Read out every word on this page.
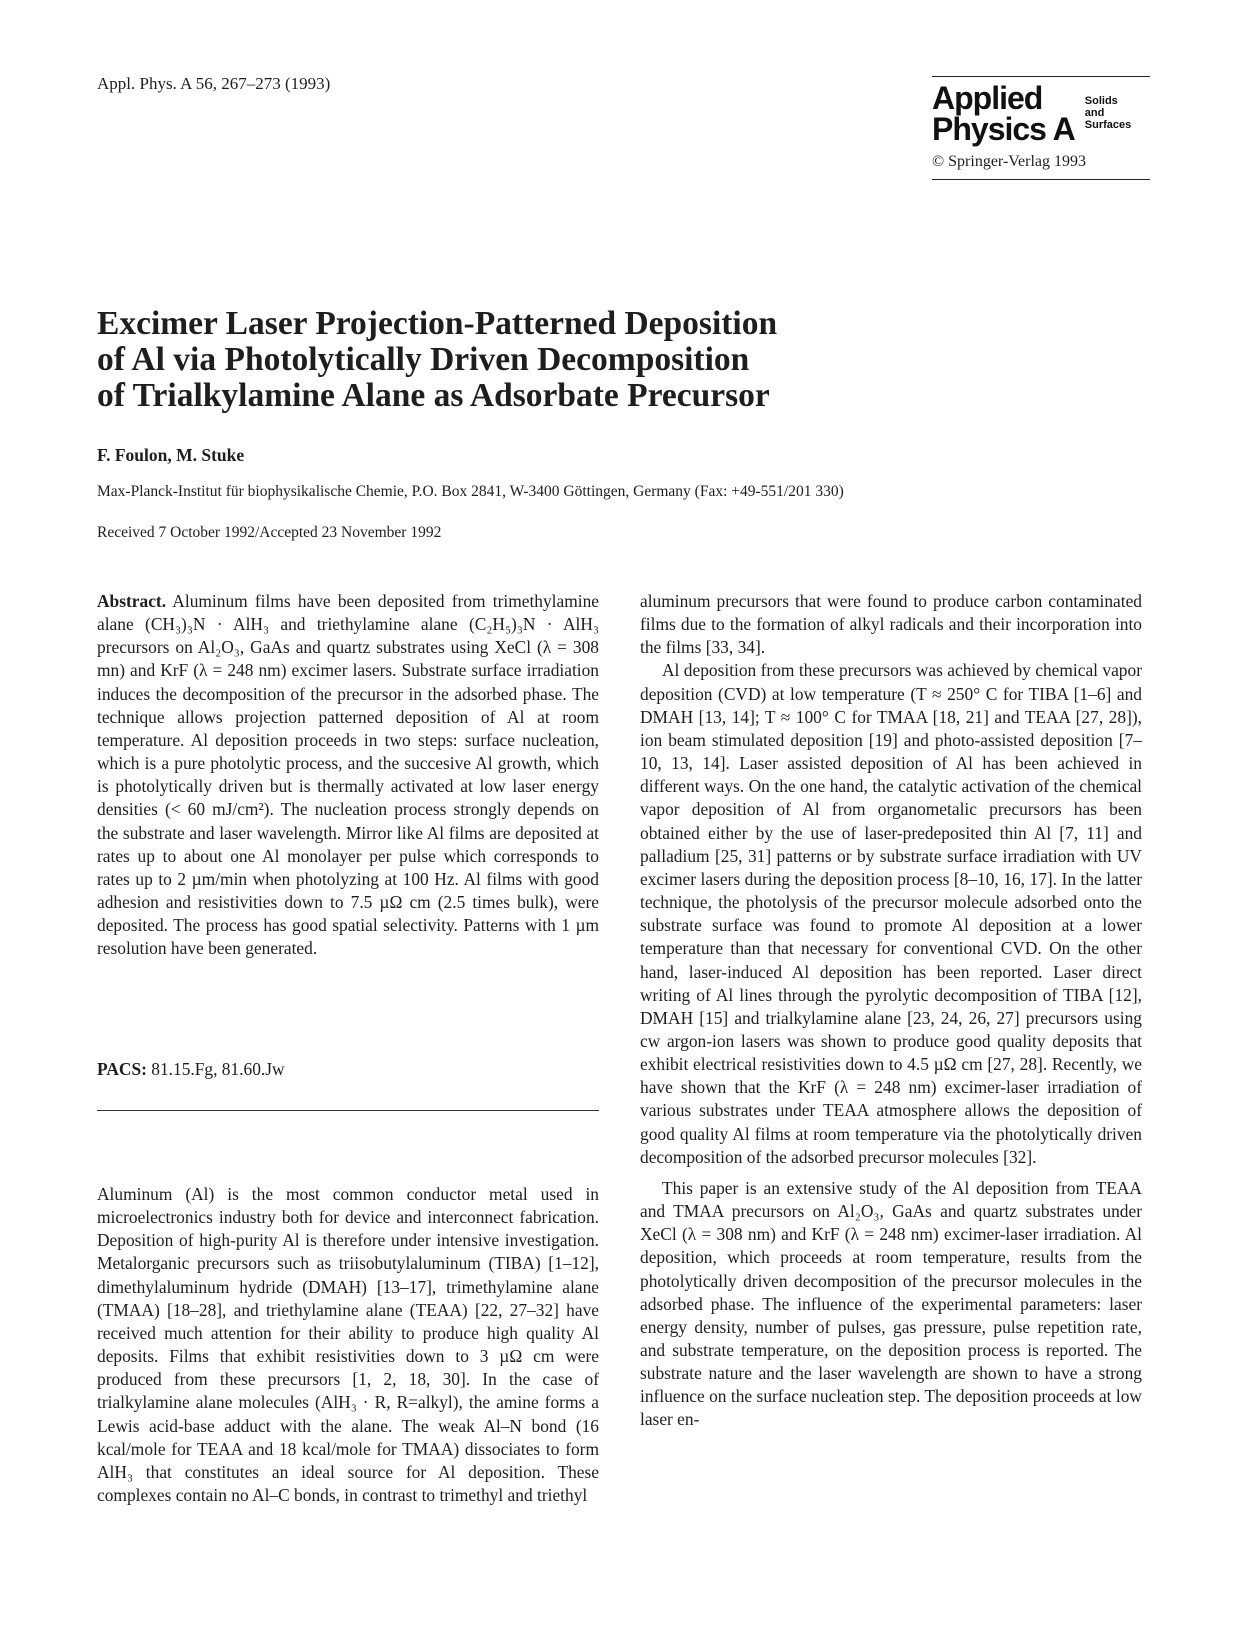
Appl. Phys. A 56, 267–273 (1993)	Applied
Physics A
Solids
and
Surfaces
© Springer-Verlag 1993
Excimer Laser Projection-Patterned Deposition
of Al via Photolytically Driven Decomposition
of Trialkylamine Alane as Adsorbate Precursor
F. Foulon, M. Stuke
Max-Planck-Institut für biophysikalische Chemie, P.O. Box 2841, W-3400 Göttingen, Germany (Fax: +49-551/201 330)
Received 7 October 1992/Accepted 23 November 1992

Abstract. Aluminum films have been deposited from trimethylamine alane (CH₃)₃N · AlH₃ and triethylamine alane (C₂H₅)₃N · AlH₃ precursors on Al₂O₃, GaAs and quartz substrates using XeCl (λ = 308 mn) and KrF (λ = 248 nm) excimer lasers. Substrate surface irradiation induces the decomposition of the precursor in the adsorbed phase. The technique allows projection patterned deposition of Al at room temperature. Al deposition proceeds in two steps: surface nucleation, which is a pure photolytic process, and the succesive Al growth, which is photolytically driven but is thermally activated at low laser energy densities (< 60 mJ/cm²). The nucleation process strongly depends on the substrate and laser wavelength. Mirror like Al films are deposited at rates up to about one Al monolayer per pulse which corresponds to rates up to 2 µm/min when photolyzing at 100 Hz. Al films with good adhesion and resistivities down to 7.5 µΩ cm (2.5 times bulk), were deposited. The process has good spatial selectivity. Patterns with 1 µm resolution have been generated.

PACS: 81.15.Fg, 81.60.Jw

Aluminum (Al) is the most common conductor metal used in microelectronics industry both for device and interconnect fabrication. Deposition of high-purity Al is therefore under intensive investigation. Metalorganic precursors such as triisobutylaluminum (TIBA) [1–12], dimethylaluminum hydride (DMAH) [13–17], trimethylamine alane (TMAA) [18–28], and triethylamine alane (TEAA) [22, 27–32] have received much attention for their ability to produce high quality Al deposits. Films that exhibit resistivities down to 3 µΩ cm were produced from these precursors [1, 2, 18, 30]. In the case of trialkylamine alane molecules (AlH₃ · R, R=alkyl), the amine forms a Lewis acid-base adduct with the alane. The weak Al–N bond (16 kcal/mole for TEAA and 18 kcal/mole for TMAA) dissociates to form AlH₃ that constitutes an ideal source for Al deposition. These complexes contain no Al–C bonds, in contrast to trimethyl and triethyl

aluminum precursors that were found to produce carbon contaminated films due to the formation of alkyl radicals and their incorporation into the films [33, 34].

Al deposition from these precursors was achieved by chemical vapor deposition (CVD) at low temperature (T ≈ 250° C for TIBA [1–6] and DMAH [13, 14]; T ≈ 100° C for TMAA [18, 21] and TEAA [27, 28]), ion beam stimulated deposition [19] and photo-assisted deposition [7–10, 13, 14]. Laser assisted deposition of Al has been achieved in different ways. On the one hand, the catalytic activation of the chemical vapor deposition of Al from organometalic precursors has been obtained either by the use of laser-predeposited thin Al [7, 11] and palladium [25, 31] patterns or by substrate surface irradiation with UV excimer lasers during the deposition process [8–10, 16, 17]. In the latter technique, the photolysis of the precursor molecule adsorbed onto the substrate surface was found to promote Al deposition at a lower temperature than that necessary for conventional CVD. On the other hand, laser-induced Al deposition has been reported. Laser direct writing of Al lines through the pyrolytic decomposition of TIBA [12], DMAH [15] and trialkylamine alane [23, 24, 26, 27] precursors using cw argon-ion lasers was shown to produce good quality deposits that exhibit electrical resistivities down to 4.5 µΩ cm [27, 28]. Recently, we have shown that the KrF (λ = 248 nm) excimer-laser irradiation of various substrates under TEAA atmosphere allows the deposition of good quality Al films at room temperature via the photolytically driven decomposition of the adsorbed precursor molecules [32].

This paper is an extensive study of the Al deposition from TEAA and TMAA precursors on Al₂O₃, GaAs and quartz substrates under XeCl (λ = 308 nm) and KrF (λ = 248 nm) excimer-laser irradiation. Al deposition, which proceeds at room temperature, results from the photolytically driven decomposition of the precursor molecules in the adsorbed phase. The influence of the experimental parameters: laser energy density, number of pulses, gas pressure, pulse repetition rate, and substrate temperature, on the deposition process is reported. The substrate nature and the laser wavelength are shown to have a strong influence on the surface nucleation step. The deposition proceeds at low laser en-
